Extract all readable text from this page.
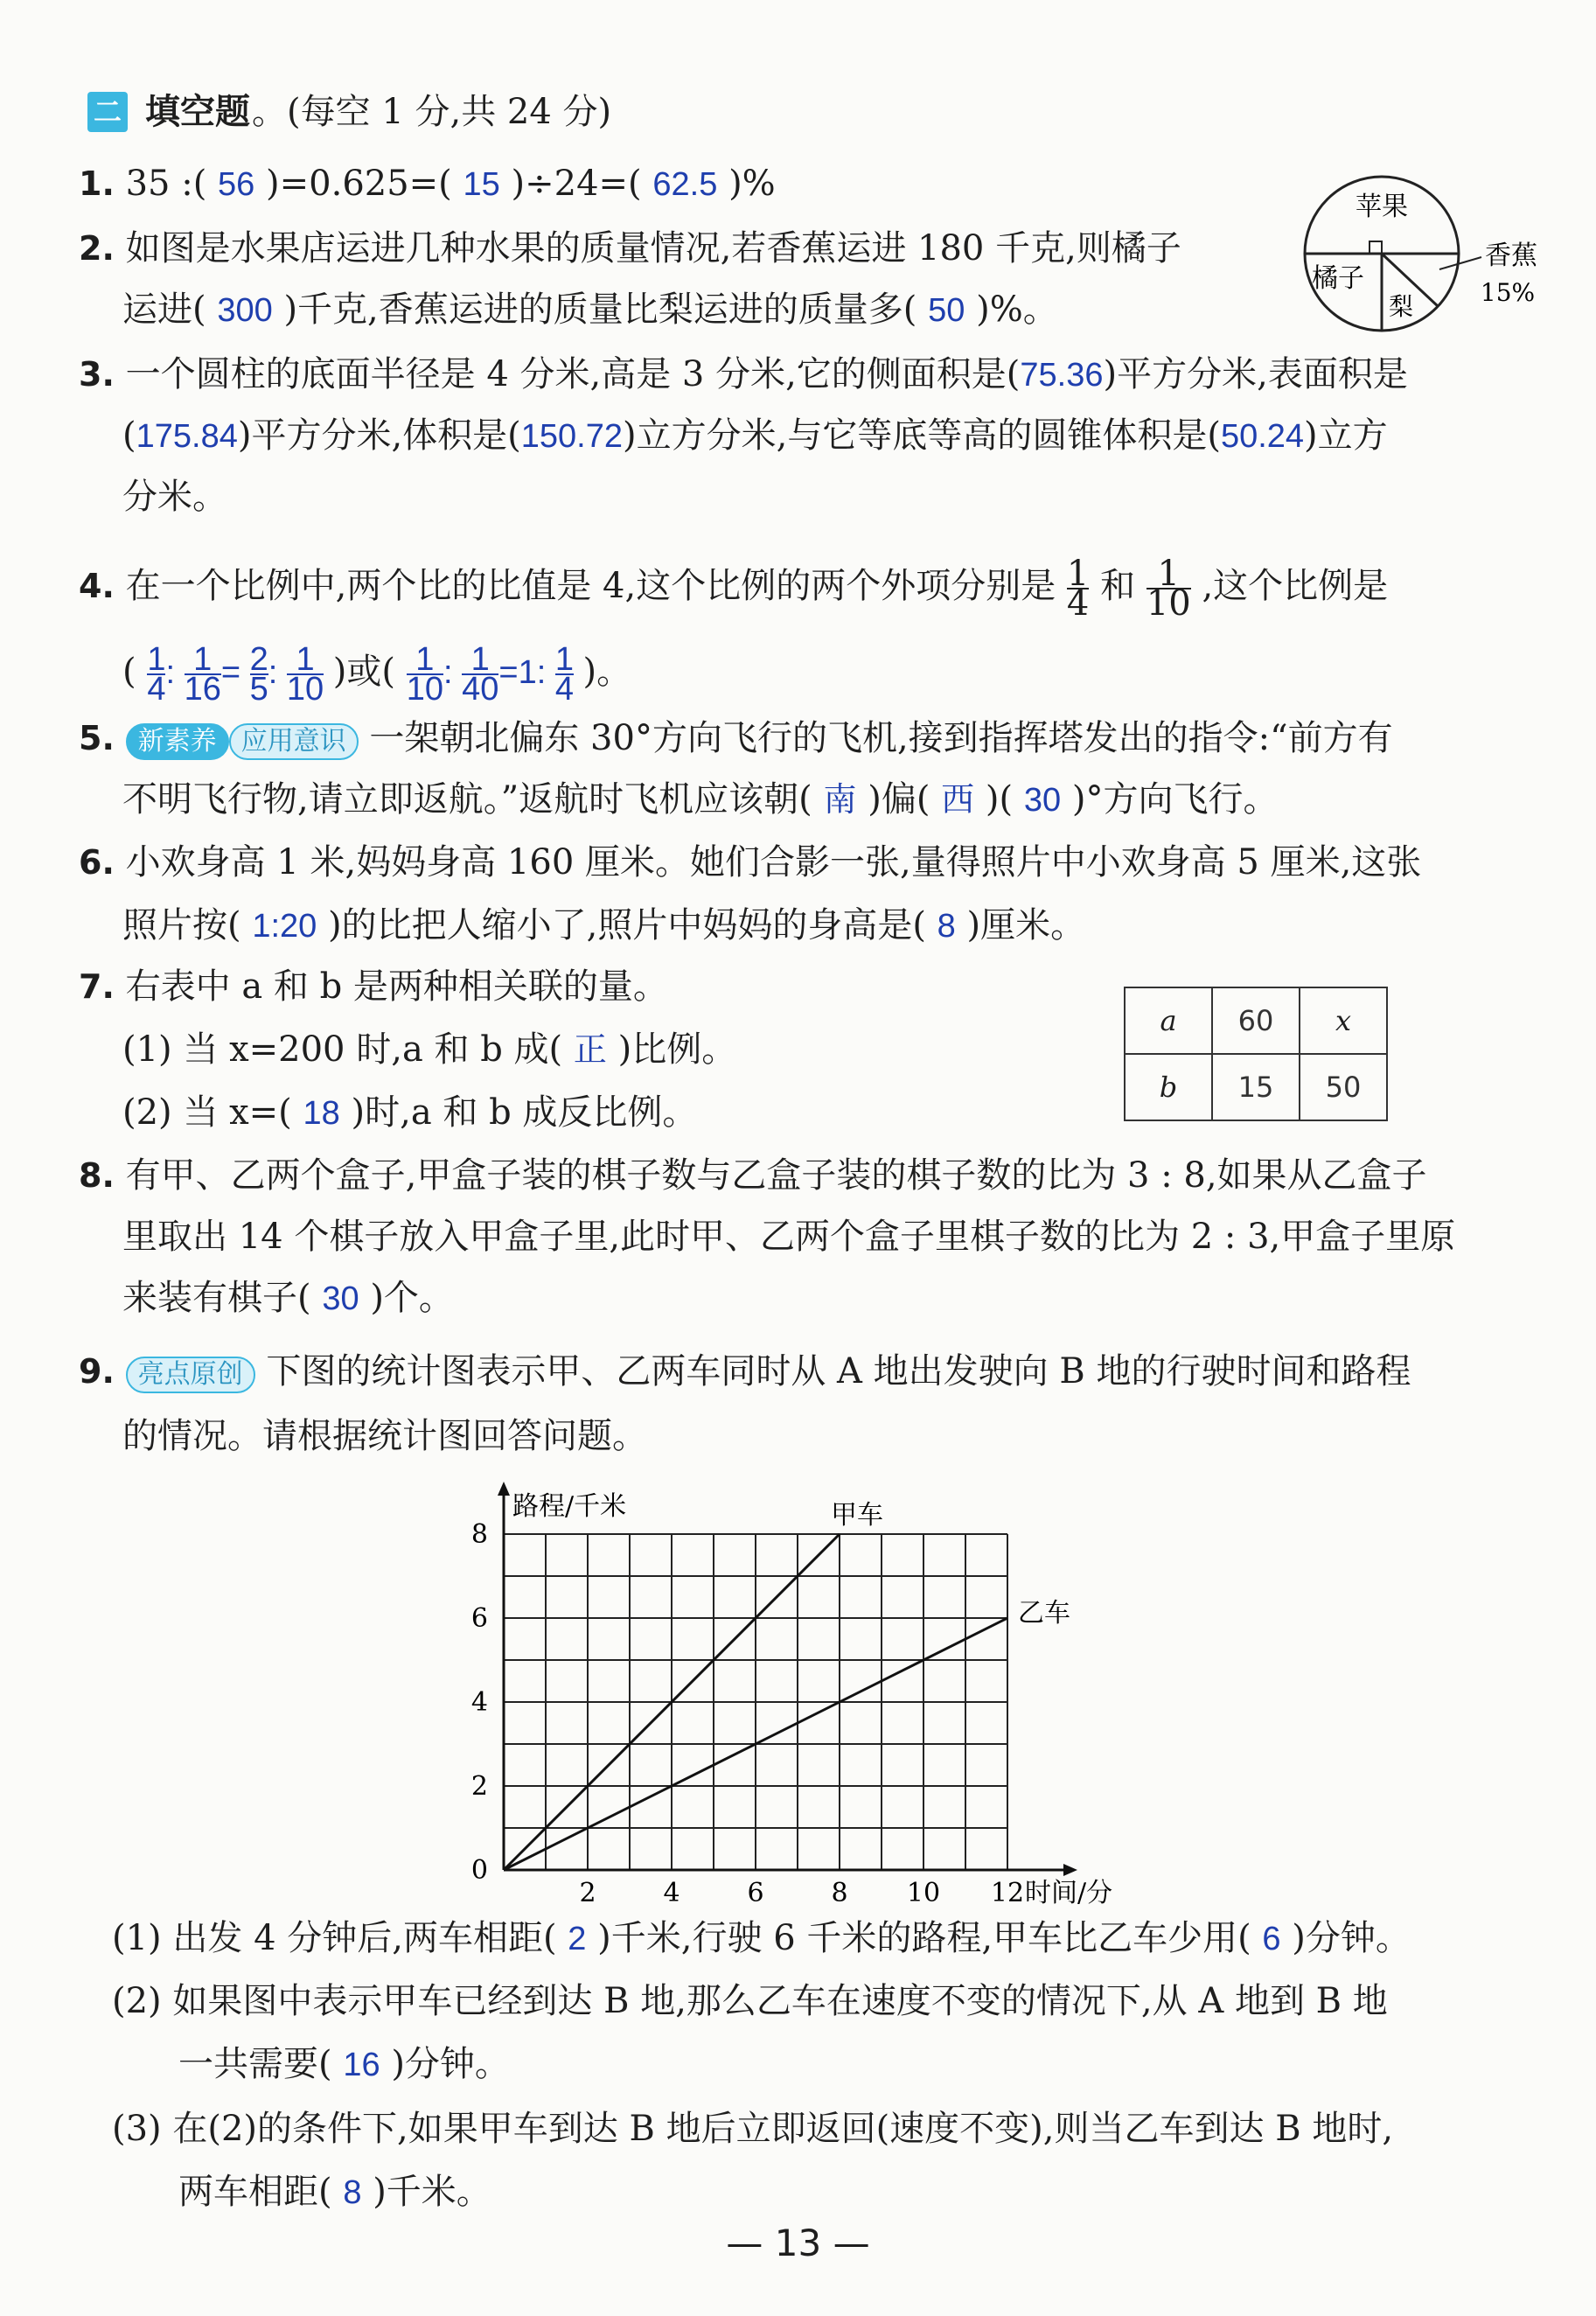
二 填空题 。(每空 1 分,共 24 分)
1. 35 :( 56 )=0.625=( 15 )÷24=( 62.5 )%
2. 如图是水果店运进几种水果的质量情况,若香蕉运进 180 千克,则橘子
运进( 300 )千克,香蕉运进的质量比梨运进的质量多( 50 )%。
苹果
橘子
梨
香蕉
15%
3. 一个圆柱的底面半径是 4 分米,高是 3 分米,它的侧面积是(75.36)平方分米,表面积是
(175.84)平方分米,体积是(150.72)立方分米,与它等底等高的圆锥体积是(50.24)立方
分米。
4. 在一个比例中,两个比的比值是 4,这个比例的两个外项分别是 $\frac{1}{4}$ 和 $\frac{1}{10}$ ,这个比例是
( $\frac{1}{4}$ : $\frac{1}{16} = \frac{2}{5}$ : $\frac{1}{10}$ )或( $\frac{1}{10}$ : $\frac{1}{40} =1$: $\frac{1}{4}$ )。
5. 新素养 应用意识 一架朝北偏东 30°方向飞行的飞机,接到指挥塔发出的指令:“前方有
不明飞行物,请立即返航。”返航时飞机应该朝( 南 )偏( 西 )( 30 )°方向飞行。
6. 小欢身高 1 米,妈妈身高 160 厘米。她们合影一张,量得照片中小欢身高 5 厘米,这张
照片按( 1:20 )的比把人缩小了,照片中妈妈的身高是( 8 )厘米。
7. 右表中 a 和 b 是两种相关联的量。
(1) 当 x=200 时,a 和 b 成( 正 )比例。
(2) 当 x=( 18 )时,a 和 b 成反比例。
a	60	x
b	15	50
8. 有甲、乙两个盒子,甲盒子装的棋子数与乙盒子装的棋子数的比为 3 : 8,如果从乙盒子
里取出 14 个棋子放入甲盒子里,此时甲、乙两个盒子里棋子数的比为 2 : 3,甲盒子里原
来装有棋子( 30 )个。
9. 亮点原创 下图的统计图表示甲、乙两车同时从 A 地出发驶向 B 地的行驶时间和路程
的情况。请根据统计图回答问题。
2	4	6	8 10 12
2
4
6
8
0
时间/分
路程/千米	甲车
乙车
(1) 出发 4 分钟后,两车相距( 2 )千米,行驶 6 千米的路程,甲车比乙车少用( 6 )分钟。
(2) 如果图中表示甲车已经到达 B 地,那么乙车在速度不变的情况下,从 A 地到 B 地
一共需要( 16 )分钟。
(3) 在(2)的条件下,如果甲车到达 B 地后立即返回(速度不变),则当乙车到达 B 地时,
两车相距( 8 )千米。
— 13 —
